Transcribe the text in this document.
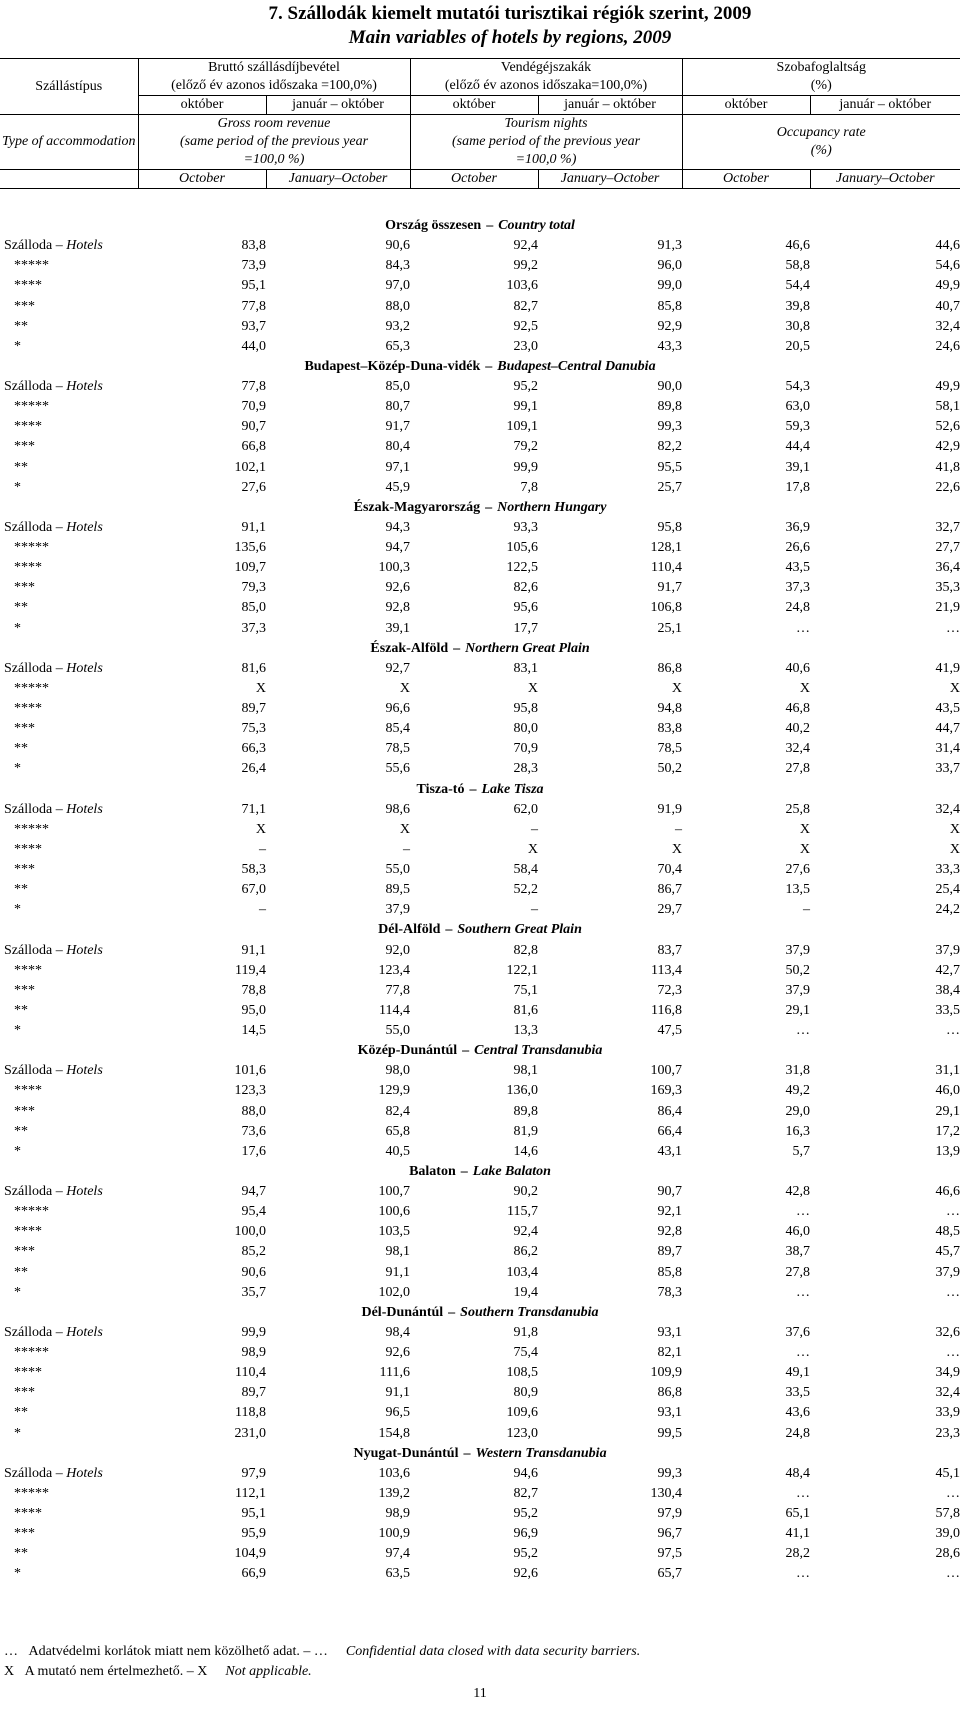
7. Szállodák kiemelt mutatói turisztikai régiók szerint, 2009
Main variables of hotels by regions, 2009
Szállástípus	Bruttó szállásdíjbevétel
(előző év azonos időszaka =100,0%)		Vendégéjszakák
(előző év azonos időszaka=100,0%)		Szobafoglaltság
(%)	
	október	január – október	október	január – október	október	január – október
Type of accommodation	Gross room revenue
(same period of the previous year
=100,0 %)		Tourism nights
(same period of the previous year
=100,0 %)		Occupancy rate
(%)	
	October	January–October	October	January–October	October	January–October
Ország összesen – Country total						
Szálloda – Hotels	83,8	90,6	92,4	91,3	46,6	44,6
*****	73,9	84,3	99,2	96,0	58,8	54,6
****	95,1	97,0	103,6	99,0	54,4	49,9
***	77,8	88,0	82,7	85,8	39,8	40,7
**	93,7	93,2	92,5	92,9	30,8	32,4
*	44,0	65,3	23,0	43,3	20,5	24,6
Budapest–Közép-Duna-vidék – Budapest–Central Danubia						
Szálloda – Hotels	77,8	85,0	95,2	90,0	54,3	49,9
*****	70,9	80,7	99,1	89,8	63,0	58,1
****	90,7	91,7	109,1	99,3	59,3	52,6
***	66,8	80,4	79,2	82,2	44,4	42,9
**	102,1	97,1	99,9	95,5	39,1	41,8
*	27,6	45,9	7,8	25,7	17,8	22,6
Észak-Magyarország – Northern Hungary						
Szálloda – Hotels	91,1	94,3	93,3	95,8	36,9	32,7
*****	135,6	94,7	105,6	128,1	26,6	27,7
****	109,7	100,3	122,5	110,4	43,5	36,4
***	79,3	92,6	82,6	91,7	37,3	35,3
**	85,0	92,8	95,6	106,8	24,8	21,9
*	37,3	39,1	17,7	25,1	…	…
Észak-Alföld – Northern Great Plain						
Szálloda – Hotels	81,6	92,7	83,1	86,8	40,6	41,9
*****	X	X	X	X	X	X
****	89,7	96,6	95,8	94,8	46,8	43,5
***	75,3	85,4	80,0	83,8	40,2	44,7
**	66,3	78,5	70,9	78,5	32,4	31,4
*	26,4	55,6	28,3	50,2	27,8	33,7
Tisza-tó – Lake Tisza						
Szálloda – Hotels	71,1	98,6	62,0	91,9	25,8	32,4
*****	X	X	–	–	X	X
****	–	–	X	X	X	X
***	58,3	55,0	58,4	70,4	27,6	33,3
**	67,0	89,5	52,2	86,7	13,5	25,4
*	–	37,9	–	29,7	–	24,2
Dél-Alföld – Southern Great Plain						
Szálloda – Hotels	91,1	92,0	82,8	83,7	37,9	37,9
****	119,4	123,4	122,1	113,4	50,2	42,7
***	78,8	77,8	75,1	72,3	37,9	38,4
**	95,0	114,4	81,6	116,8	29,1	33,5
*	14,5	55,0	13,3	47,5	…	…
Közép-Dunántúl – Central Transdanubia						
Szálloda – Hotels	101,6	98,0	98,1	100,7	31,8	31,1
****	123,3	129,9	136,0	169,3	49,2	46,0
***	88,0	82,4	89,8	86,4	29,0	29,1
**	73,6	65,8	81,9	66,4	16,3	17,2
*	17,6	40,5	14,6	43,1	5,7	13,9
Balaton – Lake Balaton						
Szálloda – Hotels	94,7	100,7	90,2	90,7	42,8	46,6
*****	95,4	100,6	115,7	92,1	…	…
****	100,0	103,5	92,4	92,8	46,0	48,5
***	85,2	98,1	86,2	89,7	38,7	45,7
**	90,6	91,1	103,4	85,8	27,8	37,9
*	35,7	102,0	19,4	78,3	…	…
Dél-Dunántúl – Southern Transdanubia						
Szálloda – Hotels	99,9	98,4	91,8	93,1	37,6	32,6
*****	98,9	92,6	75,4	82,1	…	…
****	110,4	111,6	108,5	109,9	49,1	34,9
***	89,7	91,1	80,9	86,8	33,5	32,4
**	118,8	96,5	109,6	93,1	43,6	33,9
*	231,0	154,8	123,0	99,5	24,8	23,3
Nyugat-Dunántúl – Western Transdanubia						
Szálloda – Hotels	97,9	103,6	94,6	99,3	48,4	45,1
*****	112,1	139,2	82,7	130,4	…	…
****	95,1	98,9	95,2	97,9	65,1	57,8
***	95,9	100,9	96,9	96,7	41,1	39,0
**	104,9	97,4	95,2	97,5	28,2	28,6
*	66,9	63,5	92,6	65,7	…	…
… Adatvédelmi korlátok miatt nem közölhető adat. – … Confidential data closed with data security barriers.
X A mutató nem értelmezhető. – X Not applicable.
11
